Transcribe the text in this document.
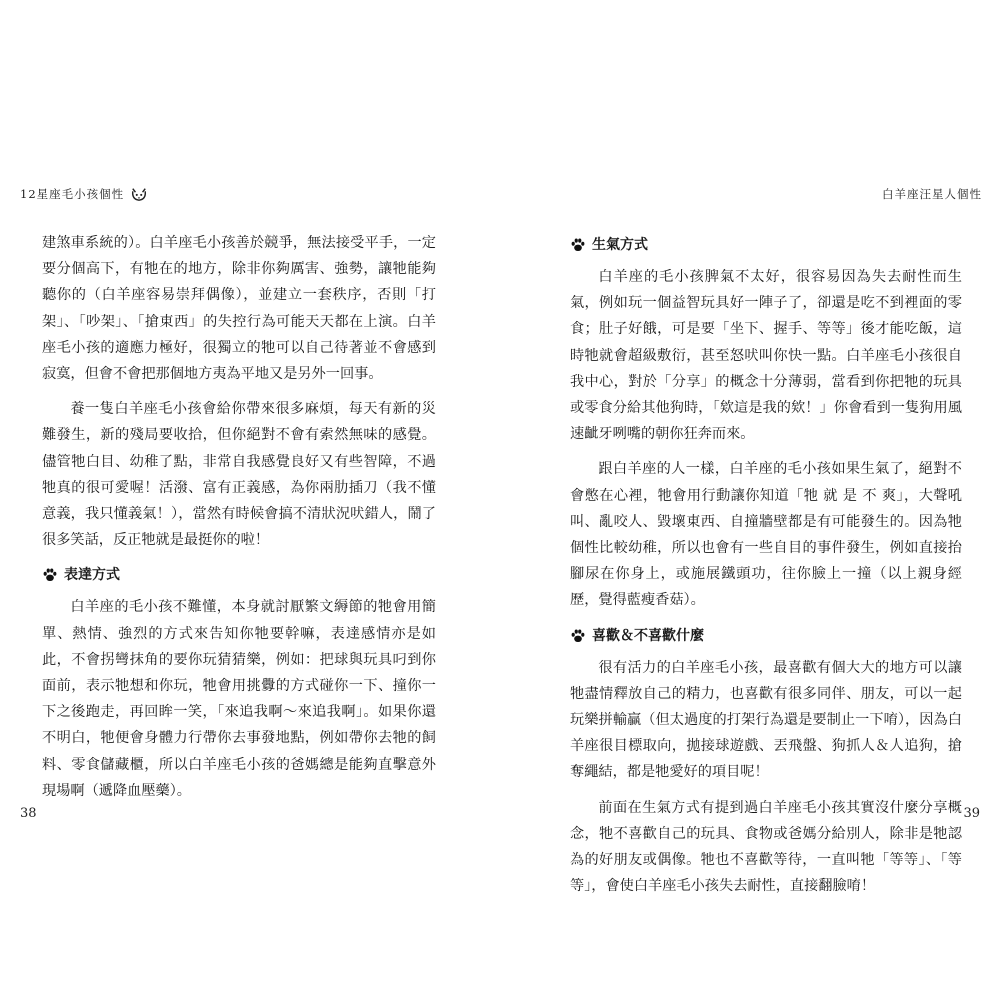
12星座毛小孩個性

建煞車系統的）。白羊座毛小孩善於競爭，無法接受平手，一定要分個高下，有牠在的地方，除非你夠厲害、強勢，讓牠能夠聽你的（白羊座容易崇拜偶像），並建立一套秩序，否則「打架」、「吵架」、「搶東西」的失控行為可能天天都在上演。白羊座毛小孩的適應力極好，很獨立的牠可以自己待著並不會感到寂寞，但會不會把那個地方夷為平地又是另外一回事。

養一隻白羊座毛小孩會給你帶來很多麻煩，每天有新的災難發生，新的殘局要收拾，但你絕對不會有索然無味的感覺。儘管牠白目、幼稚了點，非常自我感覺良好又有些智障，不過牠真的很可愛喔！活潑、富有正義感，為你兩肋插刀（我不懂意義，我只懂義氣！），當然有時候會搞不清狀況吠錯人，鬧了很多笑話，反正牠就是最挺你的啦！

表達方式

白羊座的毛小孩不難懂，本身就討厭繁文縟節的牠會用簡單、熱情、強烈的方式來告知你牠要幹嘛，表達感情亦是如此，不會拐彎抹角的要你玩猜猜樂，例如：把球與玩具叼到你面前，表示牠想和你玩，牠會用挑釁的方式碰你一下、撞你一下之後跑走，再回眸一笑，「來追我啊～來追我啊」。如果你還不明白，牠便會身體力行帶你去事發地點，例如帶你去牠的飼料、零食儲藏櫃，所以白羊座毛小孩的爸媽總是能夠直擊意外現場啊（遞降血壓藥）。

38
白羊座汪星人個性
生氣方式

白羊座的毛小孩脾氣不太好，很容易因為失去耐性而生氣，例如玩一個益智玩具好一陣子了，卻還是吃不到裡面的零食；肚子好餓，可是要「坐下、握手、等等」後才能吃飯，這時牠就會超級敷衍，甚至怒吠叫你快一點。白羊座毛小孩很自我中心，對於「分享」的概念十分薄弱，當看到你把牠的玩具或零食分給其他狗時，「欸這是我的欸！」你會看到一隻狗用風速齜牙咧嘴的朝你狂奔而來。

跟白羊座的人一樣，白羊座的毛小孩如果生氣了，絕對不會憋在心裡，牠會用行動讓你知道「牠 就 是 不 爽」，大聲吼叫、亂咬人、毀壞東西、自撞牆壁都是有可能發生的。因為牠個性比較幼稚，所以也會有一些自目的事件發生，例如直接抬腳尿在你身上，或施展鐵頭功，往你臉上一撞（以上親身經歷，覺得藍瘦香菇）。

喜歡＆不喜歡什麼

很有活力的白羊座毛小孩，最喜歡有個大大的地方可以讓牠盡情釋放自己的精力，也喜歡有很多同伴、朋友，可以一起玩樂拼輸贏（但太過度的打架行為還是要制止一下唷），因為白羊座很目標取向，拋接球遊戲、丟飛盤、狗抓人＆人追狗，搶奪繩結，都是牠愛好的項目呢！

前面在生氣方式有提到過白羊座毛小孩其實沒什麼分享概念，牠不喜歡自己的玩具、食物或爸媽分給別人，除非是牠認為的好朋友或偶像。牠也不喜歡等待，一直叫牠「等等」、「等等」，會使白羊座毛小孩失去耐性，直接翻臉唷！

39
